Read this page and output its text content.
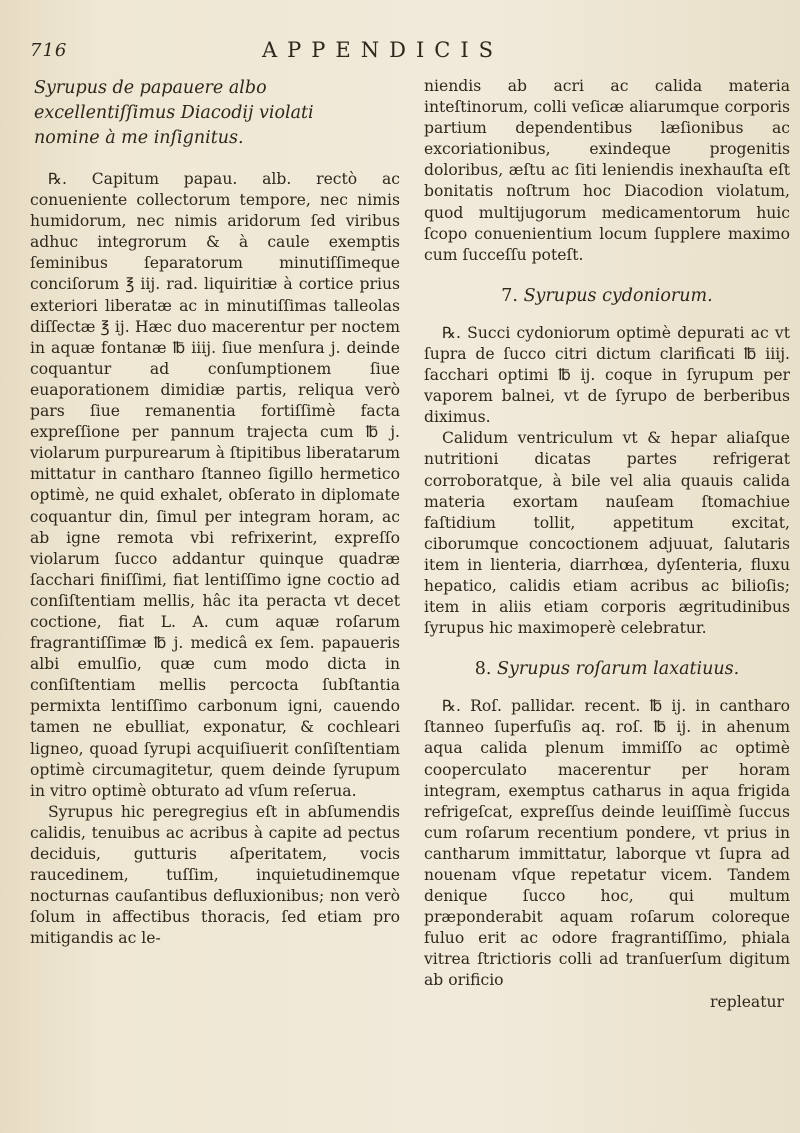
716	APPENDICIS
Syrupus de papauere albo excellentiſſimus Diacodij violati nomine à me inſignitus.

℞. Capitum papau. alb. rectò ac conueniente collectorum tempore, nec nimis humidorum, nec nimis aridorum ſed viribus adhuc integrorum & à caule exemptis ſeminibus ſeparatorum minutiſſimeque conciſorum ℥ iij. rad. liquiritiæ à cortice prius exteriori liberatæ ac in minutiſſimas talleolas diſſectæ ℥ ij. Hæc duo macerentur per noctem in aquæ fontanæ ℔ iiij. ſiue menſura j. deinde coquantur ad conſumptionem ſiue euaporationem dimidiæ partis, reliqua verò pars ſiue remanentia fortiſſimè facta expreſſione per pannum trajecta cum ℔ j. violarum purpurearum à ſtipitibus liberatarum mittatur in cantharo ſtanneo ſigillo hermetico optimè, ne quid exhalet, obſerato in diplomate coquantur din, ſimul per integram horam, ac ab igne remota vbi refrixerint, expreſſo violarum ſucco addantur quinque quadræ ſacchari finiſſimi, fiat lentiſſimo igne coctio ad conſiſtentiam mellis, hâc ita peracta vt decet coctione, fiat L. A. cum aquæ roſarum fragrantiſſimæ ℔ j. medicâ ex ſem. papaueris albi emulſio, quæ cum modo dicta in conſiſtentiam mellis percocta ſubſtantia permixta lentiſſimo carbonum igni, cauendo tamen ne ebulliat, exponatur, & cochleari ligneo, quoad ſyrupi acquiſiuerit conſiſtentiam optimè circumagitetur, quem deinde ſyrupum in vitro optimè obturato ad vſum reſerua.

Syrupus hic peregregius eſt in abſumendis calidis, tenuibus ac acribus à capite ad pectus deciduis, gutturis aſperitatem, vocis raucedinem, tuſſim, inquietudinemque nocturnas cauſantibus defluxionibus; non verò ſolum in affectibus thoracis, ſed etiam pro mitigandis ac le-

niendis ab acri ac calida materia inteſtinorum, colli veſicæ aliarumque corporis partium dependentibus læſionibus ac excoriationibus, exindeque progenitis doloribus, æſtu ac ſiti leniendis inexhauſta eſt bonitatis noſtrum hoc Diacodion violatum, quod multijugorum medicamentorum huic ſcopo conuenientium locum ſupplere maximo cum ſucceſſu poteſt.

7. Syrupus cydoniorum.

℞. Succi cydoniorum optimè depurati ac vt ſupra de ſucco citri dictum clarificati ℔ iiij. ſacchari optimi ℔ ij. coque in ſyrupum per vaporem balnei, vt de ſyrupo de berberibus diximus.

Calidum ventriculum vt & hepar aliaſque nutritioni dicatas partes refrigerat corroboratque, à bile vel alia quauis calida materia exortam nauſeam ſtomachiue faſtidium tollit, appetitum excitat, ciborumque concoctionem adjuuat, ſalutaris item in lienteria, diarrhœa, dyſenteria, fluxu hepatico, calidis etiam acribus ac bilioſis; item in aliis etiam corporis ægritudinibus ſyrupus hic maximoperè celebratur.

8. Syrupus roſarum laxatiuus.

℞. Roſ. pallidar. recent. ℔ ij. in cantharo ſtanneo ſuperfuſis aq. roſ. ℔ ij. in ahenum aqua calida plenum immiſſo ac optimè cooperculato macerentur per horam integram, exemptus catharus in aqua frigida refrigeſcat, expreſſus deinde leuiſſimè ſuccus cum roſarum recentium pondere, vt prius in cantharum immittatur, laborque vt ſupra ad nouenam vſque repetatur vicem. Tandem denique ſucco hoc, qui multum præponderabit aquam roſarum coloreque fuluo erit ac odore fragrantiſſimo, phiala vitrea ſtrictioris colli ad tranſuerſum digitum ab orificio

repleatur
